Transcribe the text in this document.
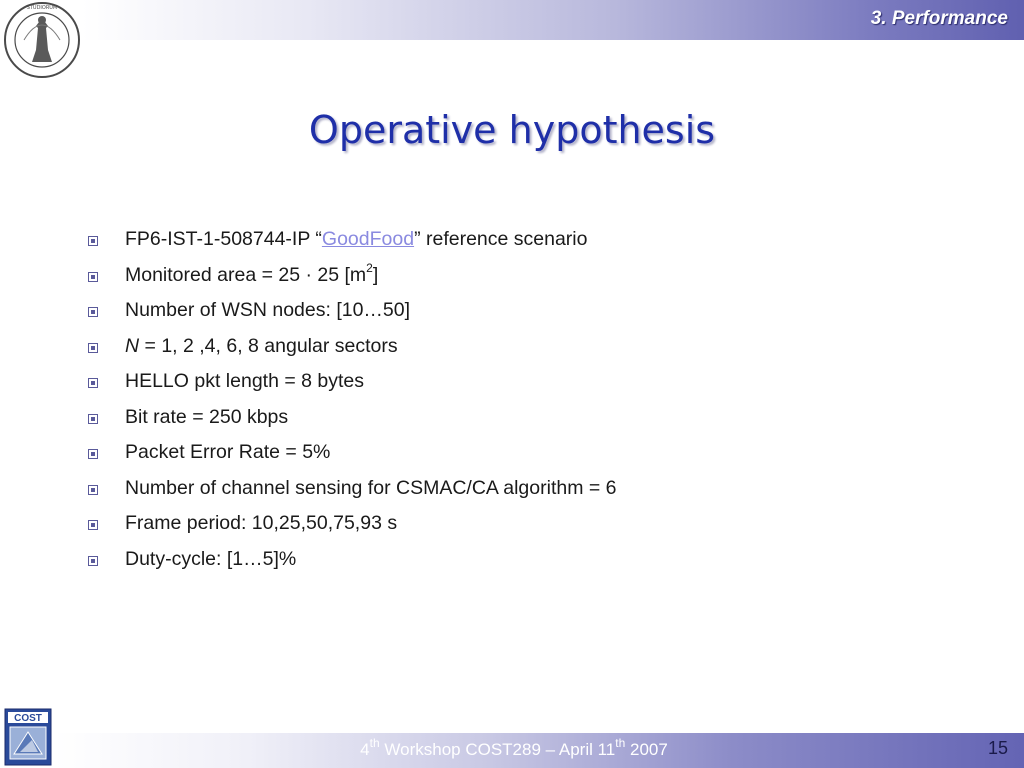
STUDIORUM	3. Performance
Operative hypothesis
FP6-IST-1-508744-IP “GoodFood” reference scenario
Monitored area = 25 · 25 $[m^2]$
Number of WSN nodes: [10…50]
N = 1, 2 ,4, 6, 8 angular sectors
HELLO pkt length = 8 bytes
Bit rate = 250 kbps
Packet Error Rate = 5%
Number of channel sensing for CSMAC/CA algorithm = 6
Frame period: 10,25,50,75,93 s
Duty-cycle: [1…5]%
COST
4th Workshop COST289 – April 11th 2007	15
